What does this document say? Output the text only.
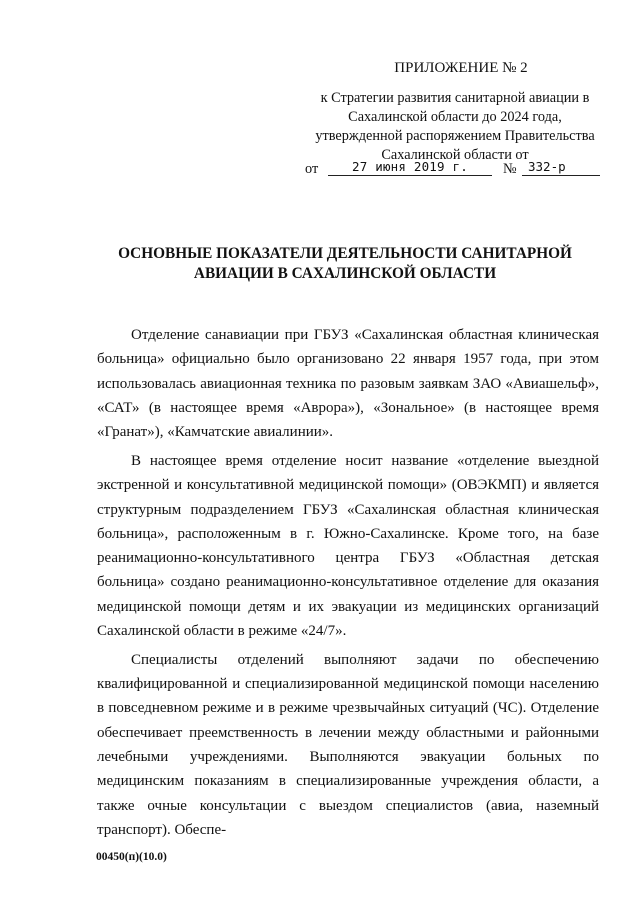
ПРИЛОЖЕНИЕ № 2
к Стратегии развития санитарной авиации в
Сахалинской области до 2024 года,
утвержденной распоряжением Правительства
Сахалинской области от
от	27 июня 2019 г.	№ 332-р
ОСНОВНЫЕ ПОКАЗАТЕЛИ ДЕЯТЕЛЬНОСТИ САНИТАРНОЙ
АВИАЦИИ В САХАЛИНСКОЙ ОБЛАСТИ

Отделение санавиации при ГБУЗ «Сахалинская областная клиническая больница» официально было организовано 22 января 1957 года, при этом использовалась авиационная техника по разовым заявкам ЗАО «Авиашельф», «САТ» (в настоящее время «Аврора»), «Зональное» (в настоящее время «Гранат»), «Камчатские авиалинии».

В настоящее время отделение носит название «отделение выездной экстренной и консультативной медицинской помощи» (ОВЭКМП) и является структурным подразделением ГБУЗ «Сахалинская областная клиническая больница», расположенным в г. Южно-Сахалинске. Кроме того, на базе реанимационно-консультативного центра ГБУЗ «Областная детская больница» создано реанимационно-консультативное отделение для оказания медицинской помощи детям и их эвакуации из медицинских организаций Сахалинской области в режиме «24/7».

Специалисты отделений выполняют задачи по обеспечению квалифицированной и специализированной медицинской помощи населению в повседневном режиме и в режиме чрезвычайных ситуаций (ЧС). Отделение обеспечивает преемственность в лечении между областными и районными лечебными учреждениями. Выполняются эвакуации больных по медицинским показаниям в специализированные учреждения области, а также очные консультации с выездом специалистов (авиа, наземный транспорт). Обеспе-

00450(п)(10.0)
